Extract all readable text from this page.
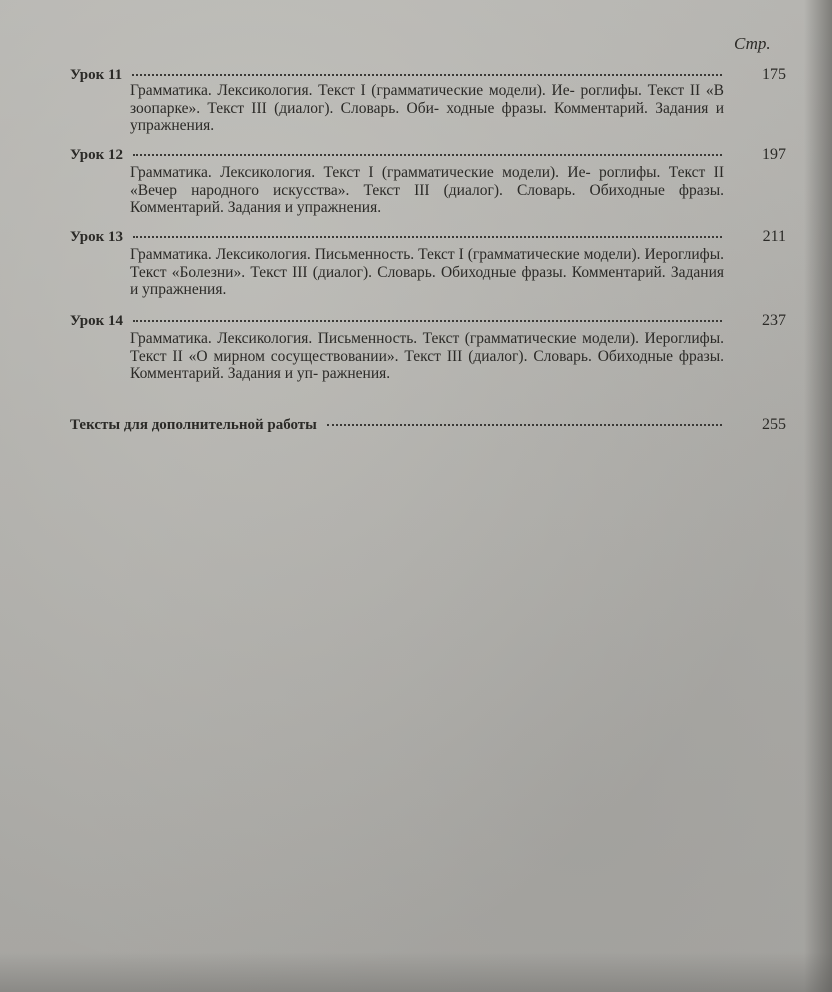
Стр.
Урок 11	175

Грамматика. Лексикология. Текст I (грамматические модели). Ие- роглифы. Текст II «В зоопарке». Текст III (диалог). Словарь. Оби- ходные фразы. Комментарий. Задания и упражнения.

Урок 12	197

Грамматика. Лексикология. Текст I (грамматические модели). Ие- роглифы. Текст II «Вечер народного искусства». Текст III (диалог). Словарь. Обиходные фразы. Комментарий. Задания и упражнения.

Урок 13	211

Грамматика. Лексикология. Письменность. Текст I (грамматические модели). Иероглифы. Текст «Болезни». Текст III (диалог). Словарь. Обиходные фразы. Комментарий. Задания и упражнения.

Урок 14	237

Грамматика. Лексикология. Письменность. Текст (грамматические модели). Иероглифы. Текст II «О мирном сосуществовании». Текст III (диалог). Словарь. Обиходные фразы. Комментарий. Задания и уп- ражнения.

Тексты для дополнительной работы	255
